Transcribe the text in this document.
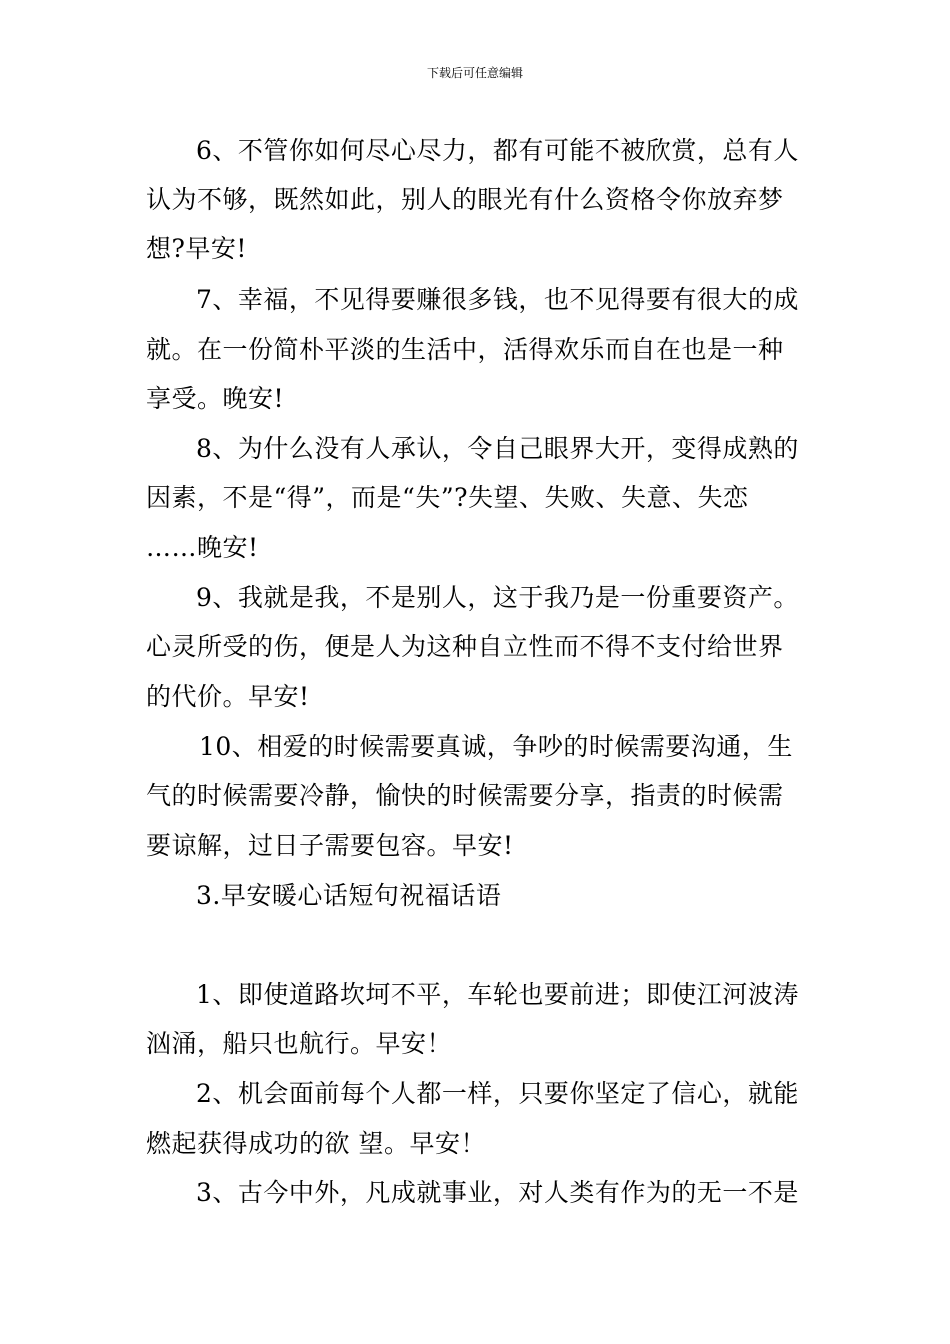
下载后可任意编辑
6、不管你如何尽心尽力，都有可能不被欣赏，总有人
认为不够，既然如此，别人的眼光有什么资格令你放弃梦
想?早安!
7、幸福，不见得要赚很多钱，也不见得要有很大的成
就。在一份简朴平淡的生活中，活得欢乐而自在也是一种
享受。晚安!
8、为什么没有人承认，令自己眼界大开，变得成熟的
因素，不是“得”，而是“失”?失望、失败、失意、失恋
……晚安!
9、我就是我，不是别人，这于我乃是一份重要资产。
心灵所受的伤，便是人为这种自立性而不得不支付给世界
的代价。早安!
10、相爱的时候需要真诚，争吵的时候需要沟通，生
气的时候需要冷静，愉快的时候需要分享，指责的时候需
要谅解，过日子需要包容。早安!
3.早安暖心话短句祝福话语
1、即使道路坎坷不平，车轮也要前进；即使江河波涛
汹涌，船只也航行。早安！
2、机会面前每个人都一样，只要你坚定了信心，就能
燃起获得成功的欲 望。早安！
3、古今中外，凡成就事业，对人类有作为的无一不是
